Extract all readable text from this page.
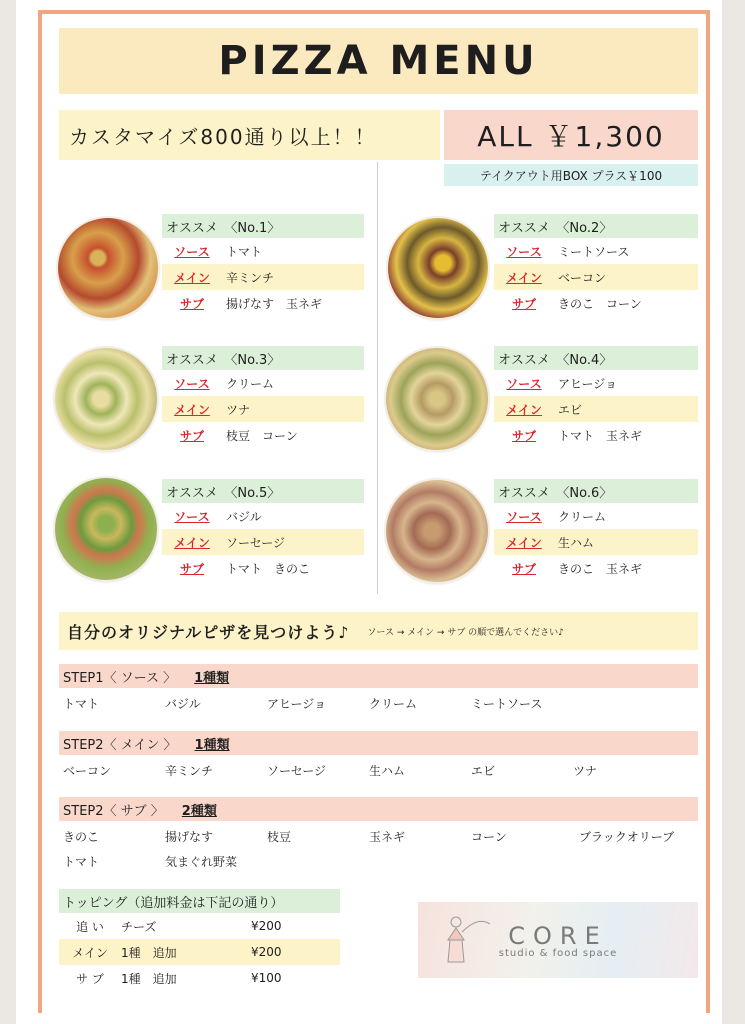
PIZZA MENU
カスタマイズ800通り以上！！	ALL ￥1,300
テイクアウト用BOX プラス￥100
オススメ　〈No.1〉
ソース	トマト
メイン	辛ミンチ
サブ	揚げなす　玉ネギ
オススメ　〈No.2〉
ソース	ミートソース
メイン	ベーコン
サブ	きのこ　コーン
オススメ　〈No.3〉
ソース	クリーム
メイン	ツナ
サブ	枝豆　コーン
オススメ　〈No.4〉
ソース	アヒージョ
メイン	エビ
サブ	トマト　玉ネギ
オススメ　〈No.5〉
ソース	バジル
メイン	ソーセージ
サブ	トマト　きのこ
オススメ　〈No.6〉
ソース	クリーム
メイン	生ハム
サブ	きのこ　玉ネギ
自分のオリジナルピザを見つけよう♪ ソース → メイン → サブ の順で選んでください♪
STEP1〈 ソース 〉 1種類
トマト	バジル	アヒージョ	クリーム	ミートソース
STEP2〈 メイン 〉 1種類
ベーコン	辛ミンチ	ソーセージ	生ハム	エビ	ツナ
STEP2〈 サブ 〉 2種類
きのこ	揚げなす	枝豆	玉ネギ	コーン	ブラックオリーブ
トマト	気まぐれ野菜
トッピング（追加料金は下記の通り）
追 い	チーズ	¥200
メイン	1種　追加	¥200
サ ブ	1種　追加	¥100
CORE
studio & food space
